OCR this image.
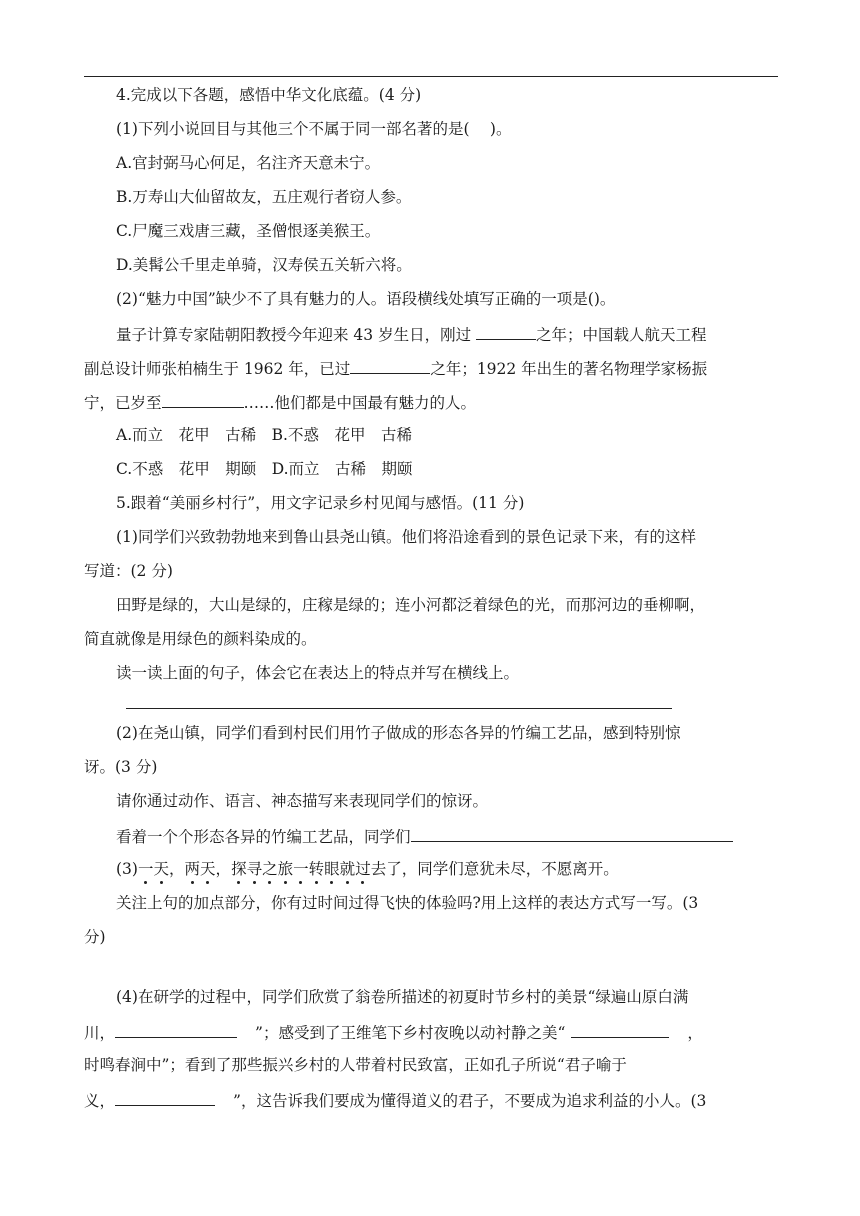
4.完成以下各题，感悟中华文化底蕴。(4 分)
(1)下列小说回目与其他三个不属于同一部名著的是(　 )。
A.官封弼马心何足，名注齐天意未宁。
B.万寿山大仙留故友，五庄观行者窃人参。
C.尸魔三戏唐三藏，圣僧恨逐美猴王。
D.美髯公千里走单骑，汉寿侯五关斩六将。
(2)“魅力中国”缺少不了具有魅力的人。语段横线处填写正确的一项是()。
量子计算专家陆朝阳教授今年迎来 43 岁生日，刚过	之年；中国载人航天工程
副总设计师张柏楠生于 1962 年，已过	之年；1922 年出生的著名物理学家杨振
宁，已岁至	……他们都是中国最有魅力的人。
A.而立　花甲　古稀　B.不惑　花甲　古稀
C.不惑　花甲　期颐　D.而立　古稀　期颐
5.跟着“美丽乡村行”，用文字记录乡村见闻与感悟。(11 分)
(1)同学们兴致勃勃地来到鲁山县尧山镇。他们将沿途看到的景色记录下来，有的这样
写道：(2 分)
田野是绿的，大山是绿的，庄稼是绿的；连小河都泛着绿色的光，而那河边的垂柳啊，
简直就像是用绿色的颜料染成的。
读一读上面的句子，体会它在表达上的特点并写在横线上。
(2)在尧山镇，同学们看到村民们用竹子做成的形态各异的竹编工艺品，感到特别惊
讶。(3 分)
请你通过动作、语言、神态描写来表现同学们的惊讶。
看着一个个形态各异的竹编工艺品，同学们
(3)一天，两天，探寻之旅一转眼就过去了，同学们意犹未尽，不愿离开。
关注上句的加点部分，你有过时间过得飞快的体验吗?用上这样的表达方式写一写。(3
分)
(4)在研学的过程中，同学们欣赏了翁卷所描述的初夏时节乡村的美景“绿遍山原白满
川，	”；感受到了王维笔下乡村夜晚以动衬静之美“	，
时鸣春涧中”；看到了那些振兴乡村的人带着村民致富，正如孔子所说“君子喻于
义，	”，这告诉我们要成为懂得道义的君子，不要成为追求利益的小人。(3
